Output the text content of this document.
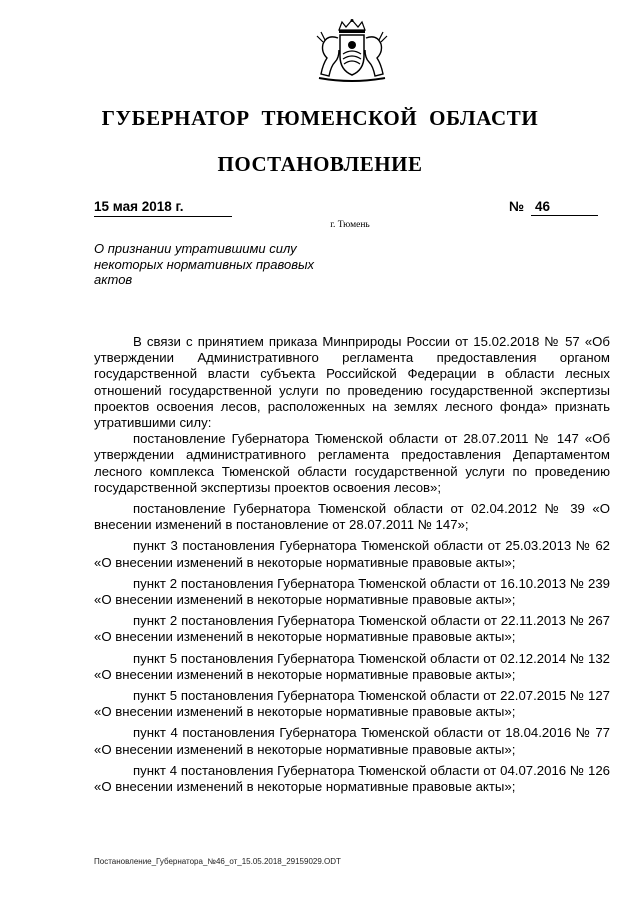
ГУБЕРНАТОР ТЮМЕНСКОЙ ОБЛАСТИ
ПОСТАНОВЛЕНИЕ
15 мая 2018 г.	№ 46
г. Тюмень
О признании утратившими силу некоторых нормативных правовых актов

В связи с принятием приказа Минприроды России от 15.02.2018 № 57 «Об утверждении Административного регламента предоставления органом государственной власти субъекта Российской Федерации в области лесных отношений государственной услуги по проведению государственной экспертизы проектов освоения лесов, расположенных на землях лесного фонда» признать утратившими силу:

постановление Губернатора Тюменской области от 28.07.2011 № 147 «Об утверждении административного регламента предоставления Департаментом лесного комплекса Тюменской области государственной услуги по проведению государственной экспертизы проектов освоения лесов»;

постановление Губернатора Тюменской области от 02.04.2012 № 39 «О внесении изменений в постановление от 28.07.2011 № 147»;

пункт 3 постановления Губернатора Тюменской области от 25.03.2013 № 62 «О внесении изменений в некоторые нормативные правовые акты»;

пункт 2 постановления Губернатора Тюменской области от 16.10.2013 № 239 «О внесении изменений в некоторые нормативные правовые акты»;

пункт 2 постановления Губернатора Тюменской области от 22.11.2013 № 267 «О внесении изменений в некоторые нормативные правовые акты»;

пункт 5 постановления Губернатора Тюменской области от 02.12.2014 № 132 «О внесении изменений в некоторые нормативные правовые акты»;

пункт 5 постановления Губернатора Тюменской области от 22.07.2015 № 127 «О внесении изменений в некоторые нормативные правовые акты»;

пункт 4 постановления Губернатора Тюменской области от 18.04.2016 № 77 «О внесении изменений в некоторые нормативные правовые акты»;

пункт 4 постановления Губернатора Тюменской области от 04.07.2016 № 126 «О внесении изменений в некоторые нормативные правовые акты»;

Постановление_Губернатора_№46_от_15.05.2018_29159029.ODT
